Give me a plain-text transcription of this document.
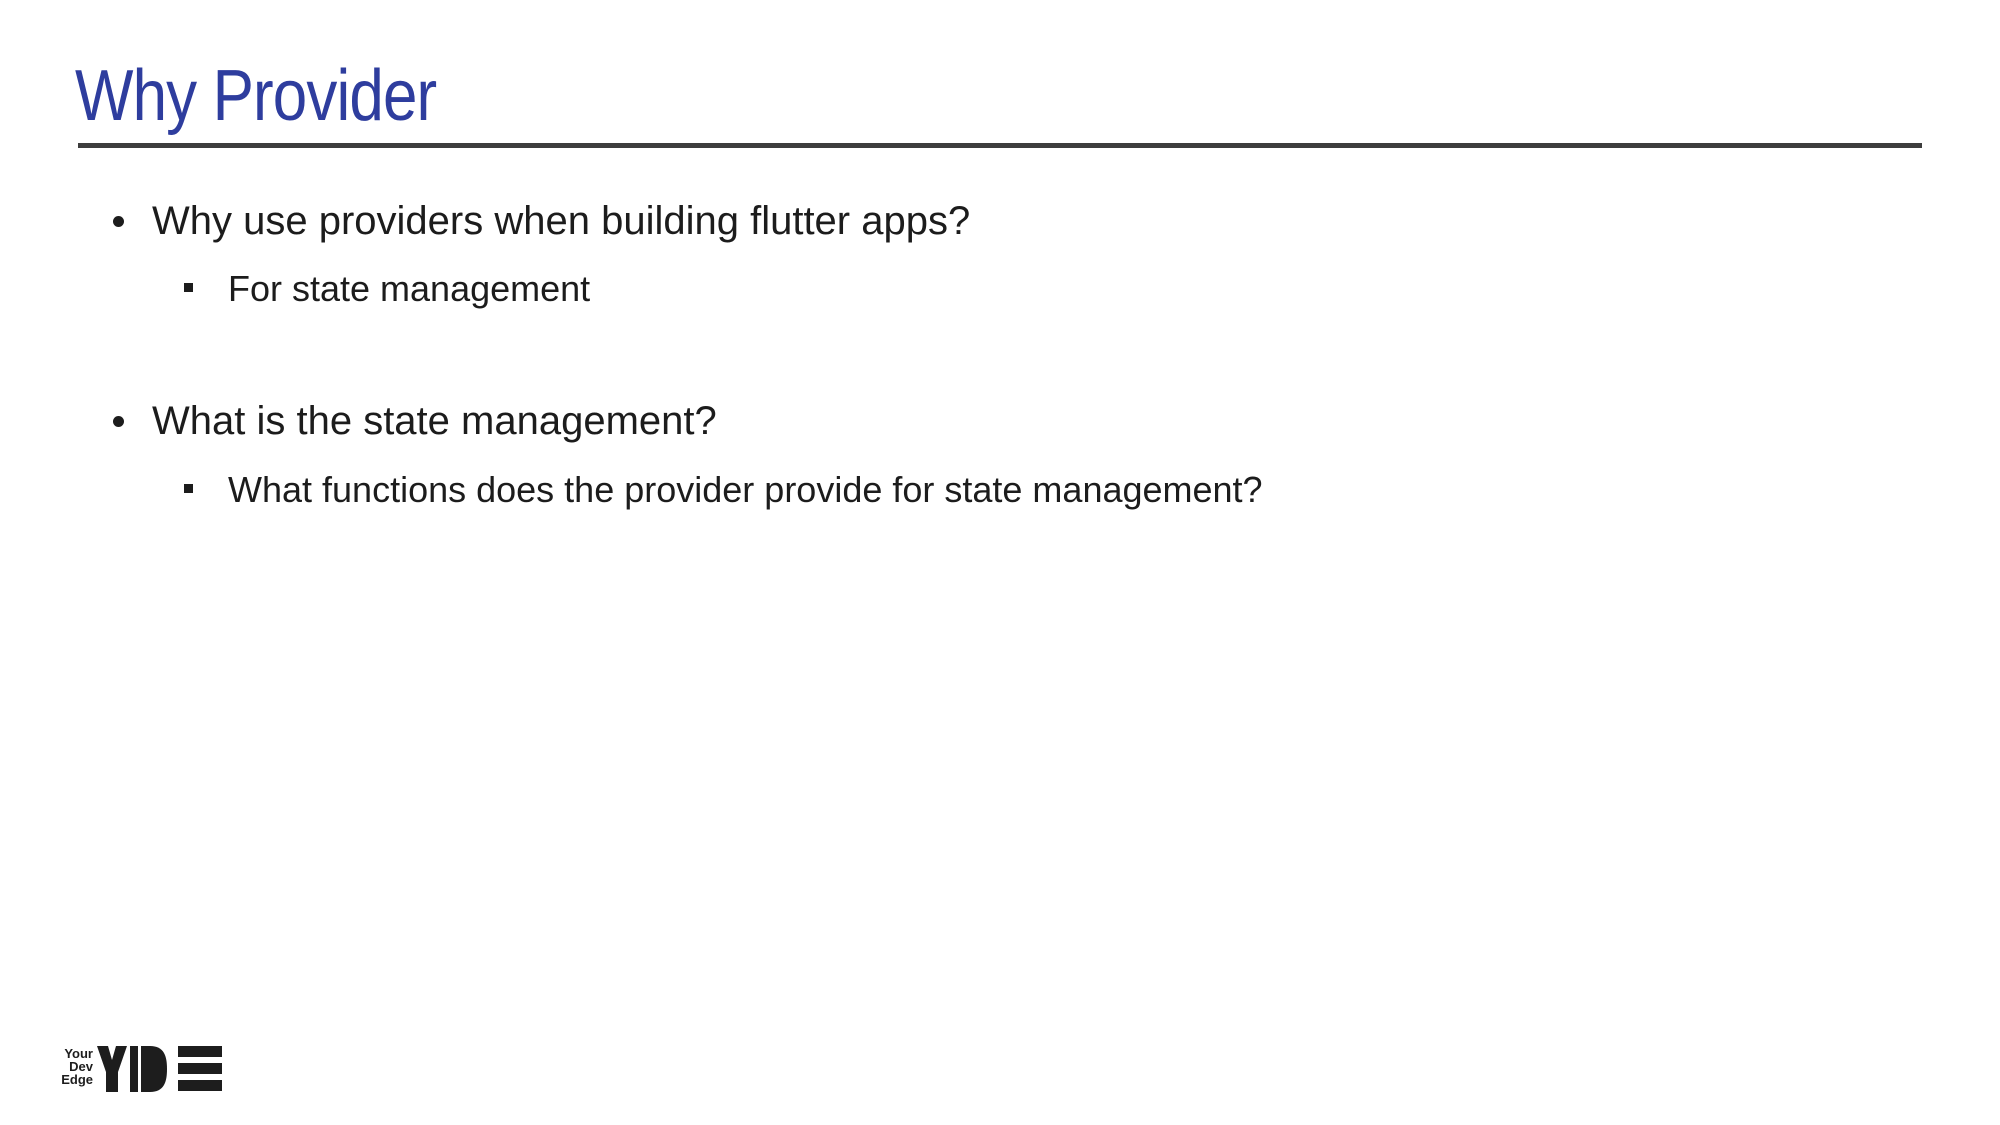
Why Provider
Why use providers when building flutter apps?
For state management
What is the state management?
What functions does the provider provide for state management?
Your
Dev
Edge
